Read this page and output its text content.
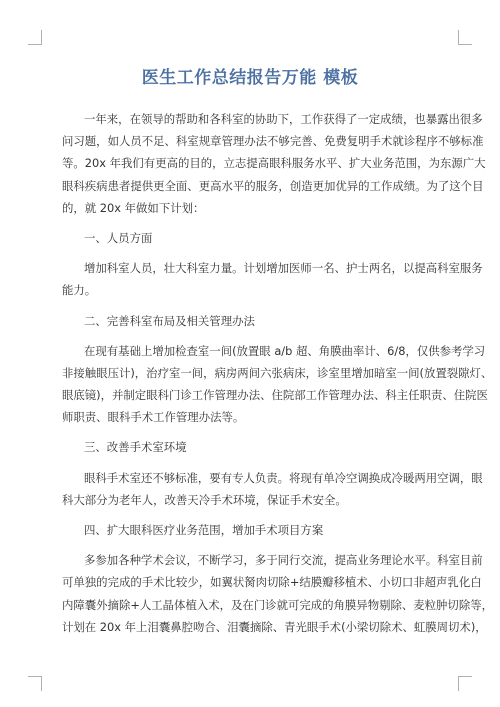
医生工作总结报告万能 模板
一年来，在领导的帮助和各科室的协助下，工作获得了一定成绩，也暴露出很多
问习题，如人员不足、科室规章管理办法不够完善、免费复明手术就诊程序不够标准
等。20x 年我们有更高的目的，立志提高眼科服务水平、扩大业务范围，为东源广大
眼科疾病患者提供更全面、更高水平的服务，创造更加优异的工作成绩。为了这个目
的，就 20x 年做如下计划：
一、人员方面
增加科室人员，壮大科室力量。计划增加医师一名、护士两名，以提高科室服务
能力。
二、完善科室布局及相关管理办法
在现有基础上增加检查室一间(放置眼 a/b 超、角膜曲率计、6/8，仅供参考学习
非接触眼压计)，治疗室一间，病房两间六张病床，诊室里增加暗室一间(放置裂隙灯、
眼底镜)，并制定眼科门诊工作管理办法、住院部工作管理办法、科主任职责、住院医
师职责、眼科手术工作管理办法等。
三、改善手术室环境
眼科手术室还不够标准，要有专人负责。将现有单冷空调换成冷暖两用空调，眼
科大部分为老年人，改善天冷手术环境，保证手术安全。
四、扩大眼科医疗业务范围，增加手术项目方案
多参加各种学术会议，不断学习，多于同行交流，提高业务理论水平。科室目前
可单独的完成的手术比较少，如翼状胬肉切除+结膜瓣移植术、小切口非超声乳化白
内障囊外摘除+人工晶体植入术，及在门诊就可完成的角膜异物剔除、麦粒肿切除等，
计划在 20x 年上泪囊鼻腔吻合、泪囊摘除、青光眼手术(小梁切除术、虹膜周切术)，
